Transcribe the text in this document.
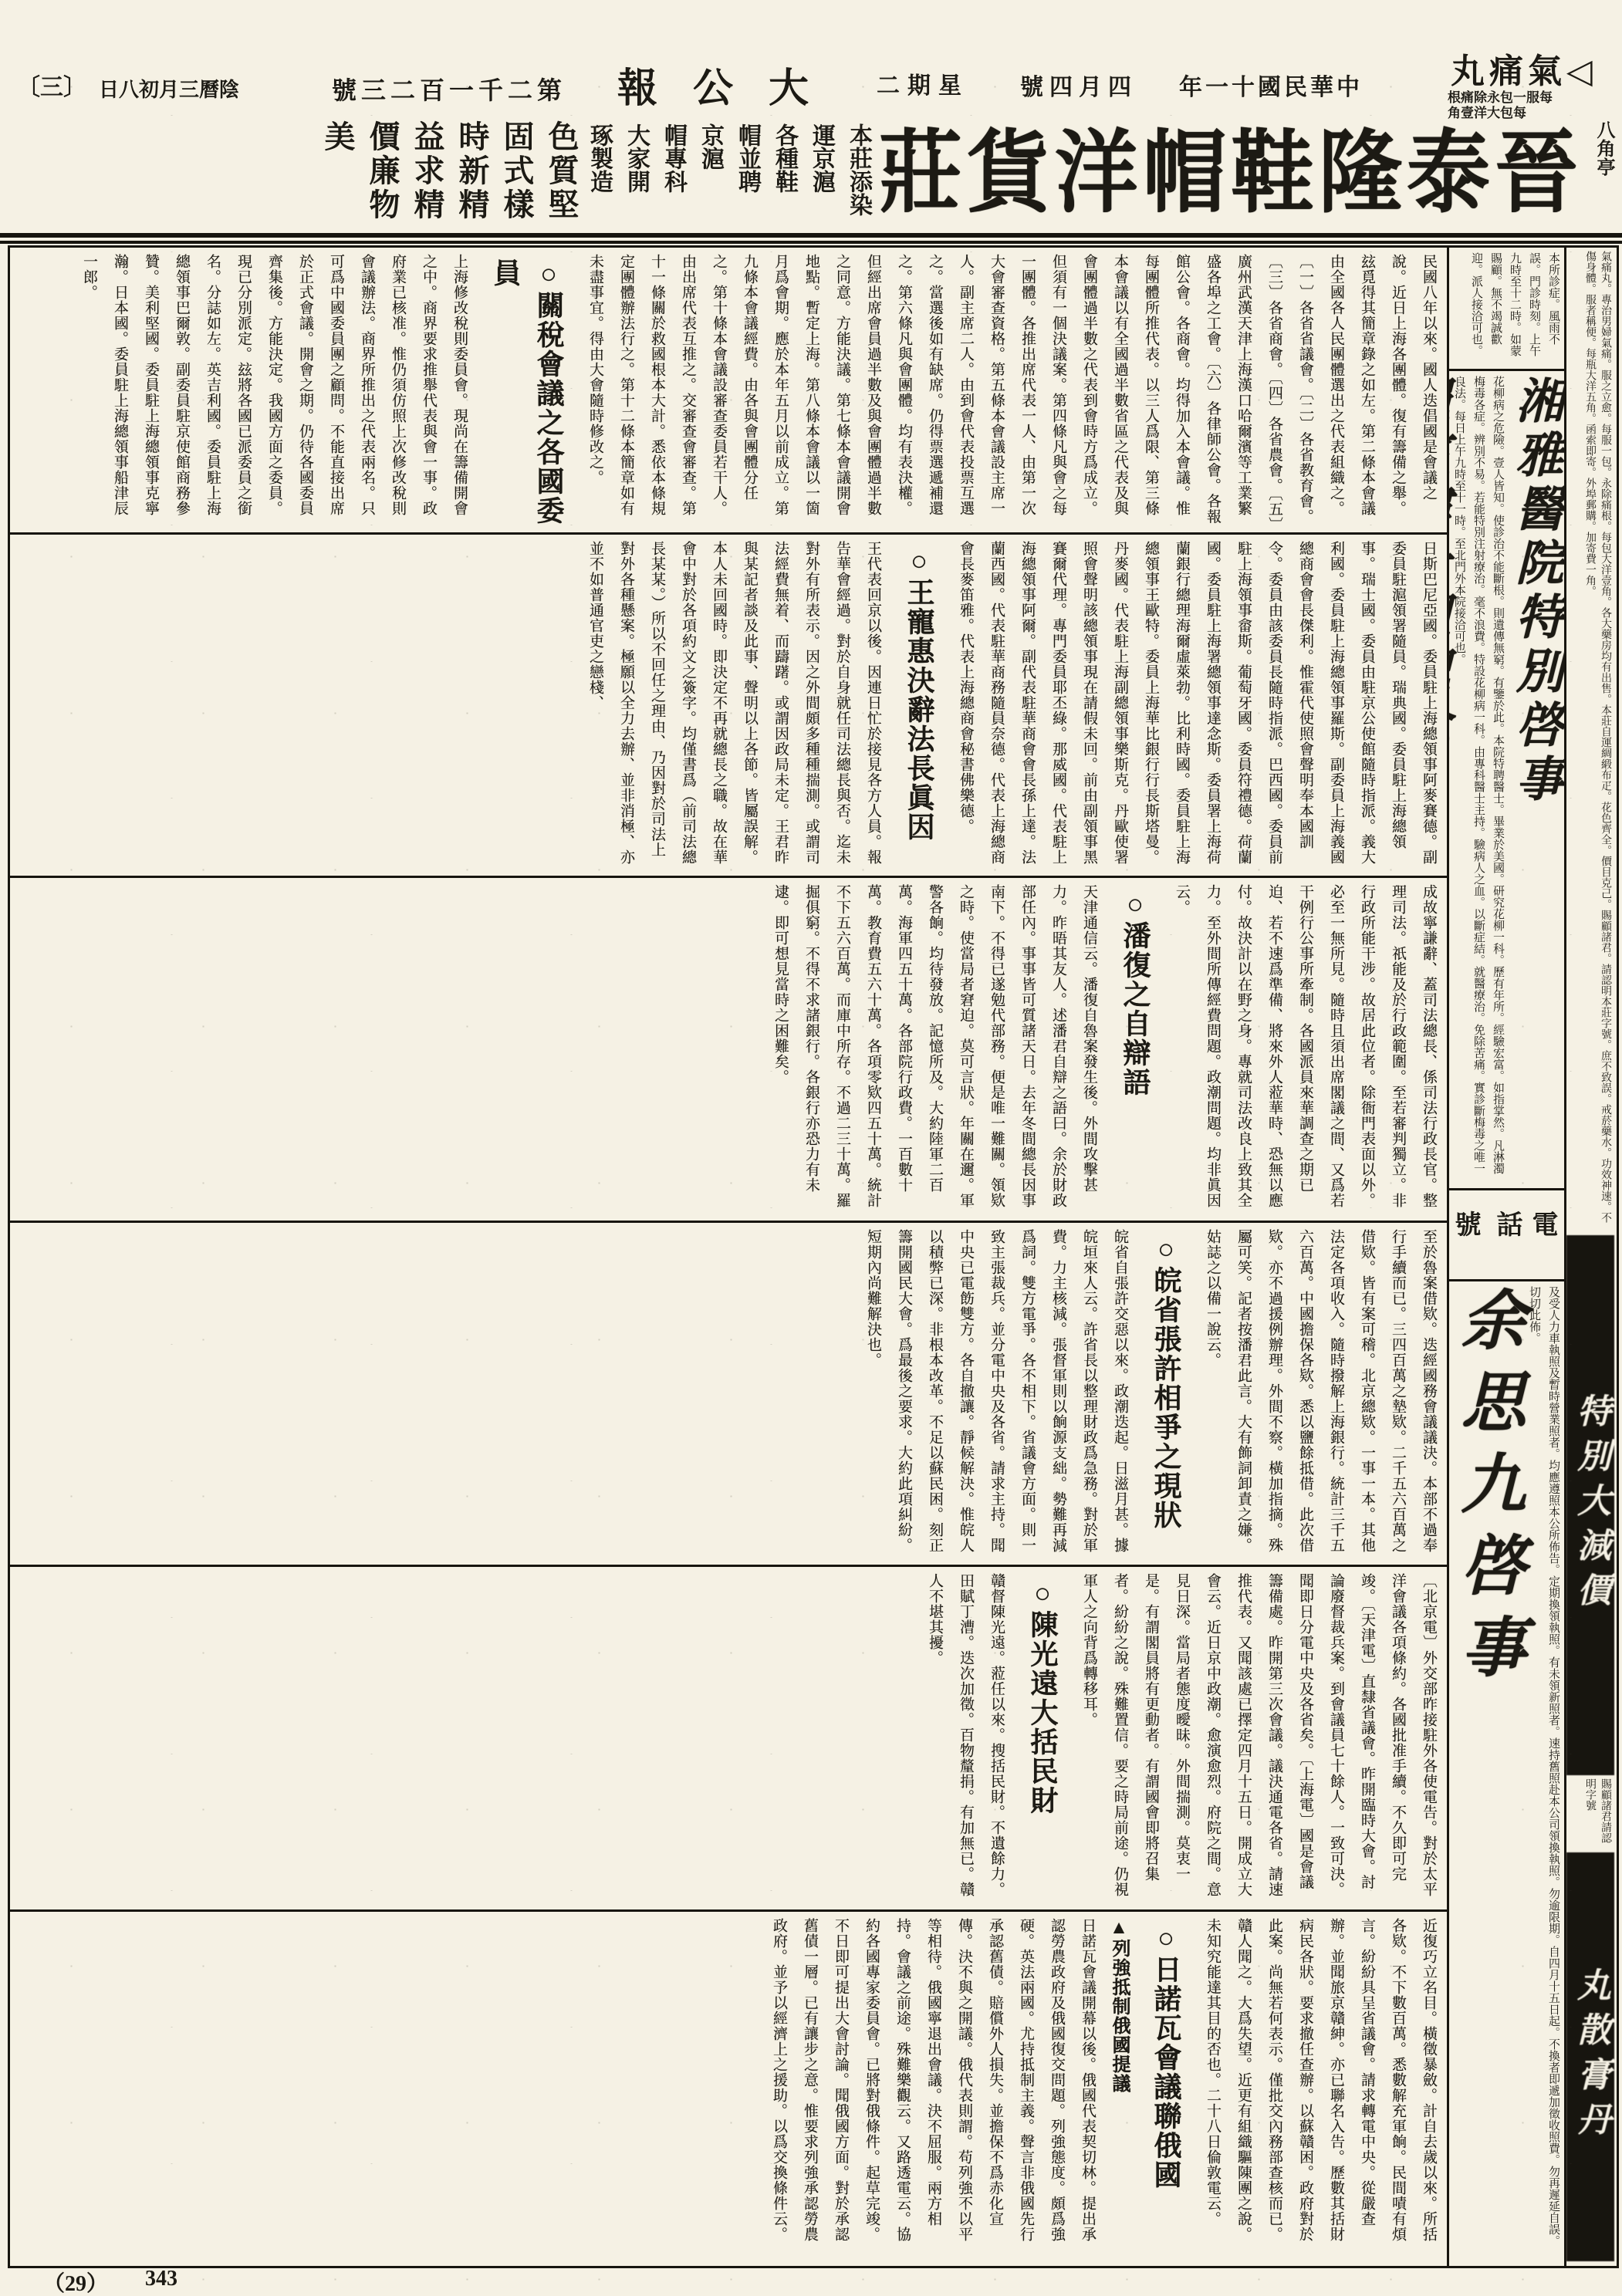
〔三〕 日八初月三曆陰	號三二百一千二第 報公大 二期星 號四月四 年一十國民華中	丸痛氣◁
根痛除永包一服每
角壹洋大包每
八角亭
莊貨洋帽鞋隆泰晉
本莊添染
運京滬
各種鞋
帽並聘
京滬
帽專科
大家開
琢製造
色質堅
固式樣
時新精
益求精
價廉物
美
民國八年以來。國人迭倡國是會議之說。近日上海各團體。復有籌備之舉。玆覓得其簡章錄之如左。第二條本會議由全國各人民團體選出之代表組織之。〔一〕各省省議會。〔二〕各省教育會。〔三〕各省商會。〔四〕各省農會。〔五〕廣州武漢天津上海漢口哈爾濱等工業繁盛各埠之工會。〔六〕各律師公會。各報館公會。各商會。均得加入本會議。惟每團體所推代表。以三人爲限、第三條本會議以有全國過半數省區之代表及與會團體過半數之代表到會時方爲成立。但須有一個決議案。第四條凡與會之每一團體。各推出席代表一人、由第一次大會審查資格。第五條本會議設主席一人。副主席二人。由到會代表投票互選之。當選後如有缺席。仍得票選遞補還之。第六條凡與會團體。均有表決權。但經出席會員過半數及與會團體過半數之同意。方能決議。第七條本會議開會地點。暫定上海。第八條本會議以一箇月爲會期。應於本年五月以前成立。第九條本會議經費。由各與會團體分任之。第十條本會議設審查委員若干人。由出席代表互推之。交審查會審查。第十一條關於救國根本大計。悉依本條規定團體辦法行之。第十二條本簡章如有未盡事宜。得由大會隨時修改之。
○關稅會議之各國委員
上海修改稅則委員會。現尚在籌備開會之中。商界要求推舉代表與會一事。政府業已核准。惟仍須仿照上次修改稅則會議辦法。商界所推出之代表兩名。只可爲中國委員團之顧問。不能直接出席於正式會議。開會之期。仍待各國委員齊集後。方能決定。我國方面之委員。現已分別派定。玆將各國已派委員之銜名。分誌如左。英吉利國。委員駐上海總領事巴爾敦。副委員駐京使館商務參贊。美利堅國。委員駐上海總領事克寧瀚。日本國。委員駐上海總領事船津辰一郎。
日斯巴尼亞國。委員駐上海總領事阿麥賽德。副委員駐滬領署隨員。瑞典國。委員駐上海總領事。瑞士國。委員由駐京公使館隨時指派。義大利國。委員駐上海總領事羅斯。副委員上海義國總商會會長傑利。惟霍代使照會聲明奉本國訓令。委員由該委員長隨時指派。巴西國。委員前駐上海領事畲斯。葡萄牙國。委員符禮德。荷蘭國。委員駐上海署總領事達念斯。委員署上海荷蘭銀行總理海爾虛萊勃。比利時國。委員駐上海總領事王歐特。委員上海華比銀行行長斯塔曼。丹麥國。代表駐上海副總領事樂斯克。丹歐使署照會聲明該總領事現在請假未回。前由副領事黑賽爾代理。專門委員耶丕綠。那威國。代表駐上海總領事阿爾。副代表駐華商會會長孫上達。法蘭西國。代表駐華商務隨員奈德。代表上海總商會長麥笛雅。代表上海總商會秘書佛樂德。
○王寵惠決辭法長眞因
王代表回京以後。因連日忙於接見各方人員。報告華會經過。對於自身就任司法總長與否。迄未對外有所表示。因之外間頗多種種揣測。或謂司法經費無着、而躊躇。或謂因政局未定。王君昨與某記者談及此事、聲明以上各節。皆屬誤解。本人未回國時。即決定不再就總長之職。故在華會中對於各項約文之簽字。均僅書爲（前司法總長某某。）所以不回任之理由、乃因對於司法上對外各種懸案。極願以全力去辦、並非消極、亦並不如普通官吏之戀棧、
成故寧謙辭、蓋司法總長、係司法行政長官。整理司法。祇能及於行政範圍。至若審判獨立。非行政所能干涉。故居此位者。除衙門表面以外。必至一無所見。隨時且須出席閣議之間、又爲若干例行公事所牽制。各國派員來華調查之期已迫、若不速爲準備、將來外人蒞華時、恐無以應付。故決計以在野之身。專就司法改良上致其全力。至外間所傳經費問題。政潮問題。均非眞因云。
○潘復之自辯語
天津通信云。潘復自魯案發生後。外間攻擊甚力。昨晤其友人。述潘君自辯之語曰。余於財政部任內。事事皆可質諸天日。去年冬間總長因事南下。不得已遂勉代部務。便是唯一難關。領欵之時。使當局者窘迫。莫可言狀。年關在邇。軍警各餉。均待發放。記憶所及。大約陸軍二百萬。海軍四五十萬。各部院行政費。一百數十萬。教育費五六十萬。各項零欵四五十萬。統計不下五六百萬。而庫中所存。不過二三十萬。羅掘俱窮。不得不求諸銀行。各銀行亦恐力有未逮。即可想見當時之困難矣。
至於魯案借欵。迭經國務會議議決。本部不過奉行手續而已。三四百萬之墊欵。二千五六百萬之借欵。皆有案可稽。北京總欵。一事一本。其他法定各項收入。隨時撥解上海銀行。統計三千五六百萬。中國擔保各欵。悉以鹽餘抵借。此次借欵。亦不過援例辦理。外間不察。橫加指摘。殊屬可笑。記者按潘君此言。大有飾詞卸責之嫌。姑誌之以備一說云。
○皖省張許相爭之現狀
皖省自張許交惡以來。政潮迭起。日滋月甚。據皖垣來人云。許省長以整理財政爲急務。對於軍費。力主核減。張督軍則以餉源支絀。勢難再減爲詞。雙方電爭。各不相下。省議會方面。則一致主張裁兵。並分電中央及各省。請求主持。聞中央已電飭雙方。各自撤讓。靜候解決。惟皖人以積弊已深。非根本改革。不足以蘇民困。刻正籌開國民大會。爲最後之要求。大約此項糾紛。短期內尚難解決也。
〔北京電〕外交部昨接駐外各使電告。對於太平洋會議各項條約。各國批准手續。不久即可完竣。〔天津電〕直隸省議會。昨開臨時大會。討論廢督裁兵案。到會議員七十餘人。一致可決。聞即日分電中央及各省矣。〔上海電〕國是會議籌備處。昨開第三次會議。議決通電各省。請速推代表。又聞該處已擇定四月十五日。開成立大會云。近日京中政潮。愈演愈烈。府院之間。意見日深。當局者態度曖昧。外間揣測。莫衷一是。有謂閣員將有更動者。有謂國會即將召集者。紛紛之說。殊難置信。要之時局前途。仍視軍人之向背爲轉移耳。
○陳光遠大括民財
贛督陳光遠。蒞任以來。搜括民財。不遺餘力。田賦丁漕。迭次加徵。百物釐捐。有加無已。贛人不堪其擾。
近復巧立名目。橫徵暴斂。計自去歲以來。所括各欵。不下數百萬。悉數解充軍餉。民間嘖有煩言。紛紛具呈省議會。請求轉電中央。從嚴查辦。並聞旅京贛紳。亦已聯名入告。歷數其括財病民各狀。要求撤任查辦。以蘇贛困。政府對於此案。尚無若何表示。僅批交內務部查核而已。贛人聞之。大爲失望。近更有組織驅陳團之說。未知究能達其目的否也。二十八日倫敦電云。
○日諾瓦會議聯俄國
▲列強抵制俄國提議
日諾瓦會議開幕以後。俄國代表契切林。提出承認勞農政府及俄國復交問題。列強態度。頗爲強硬。英法兩國。尤持抵制主義。聲言非俄國先行承認舊債。賠償外人損失。並擔保不爲赤化宣傳。決不與之開議。俄代表則謂。苟列強不以平等相待。俄國寧退出會議。決不屈服。兩方相持。會議之前途。殊難樂觀云。又路透電云。協約各國專家委員會。已將對俄條件。起草完竣。不日即可提出大會討論。聞俄國方面。對於承認舊債一層。已有讓步之意。惟要求列強承認勞農政府。並予以經濟上之援助。以爲交換條件云。
本所診症。風雨不誤。門診時刻。上午九時至十二時。如蒙賜顧。無不竭誠歡迎。派人接洽可也。
湘雅醫院特別啓事
花柳病之危險。壹人皆知。使診治不能斷根。則遺傳無窮。有鑒於此。本院特聘醫士。畢業於美國。研究花柳一科。歷有年所。經驗宏富。如指掌然。凡淋濁梅毒各症。辨別不易。若能特別注射療治。毫不浪費。特設花柳病一科。由專科醫士主持。驗病人之血。以斷症結。就醫療治。免除苦痛。實診斷梅毒之唯一良法。每日上午九時至十一時。至北門外本院接洽可也。
電話
號
及受人力車執照及暫時營業照者。均應遵照本公所佈告。定期換領執照。有未領新照者。速持舊照赴本公司領換執照。勿逾限期。自四月十五日起。不換者即遞加徵收照費。勿再遲延自誤。切切此佈。
余思九啓事
氣痛丸。專治男婦氣痛。服之立愈。每服一包。永除痛根。每包大洋壹角。各大藥房均有出售。本莊自運綢緞布疋。花色齊全。價目克己。賜顧諸君。請認明本莊字號。庶不致誤。戒菸藥水。功效神速。不傷身體。服者稱便。每瓶大洋五角。函索即寄。外埠郵購。加寄費一角。
特別大減價
賜顧諸君請認明字號
丸散膏丹
（29） 343
